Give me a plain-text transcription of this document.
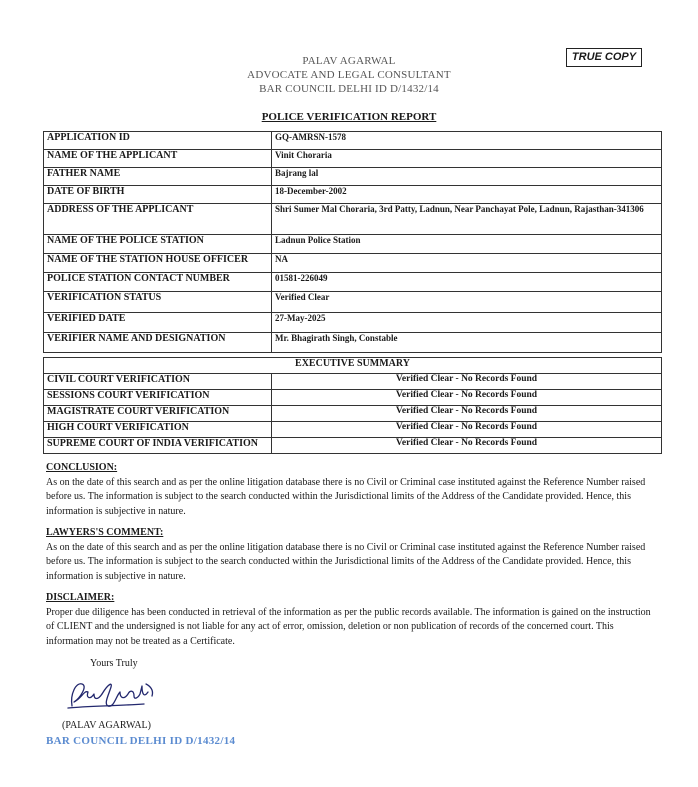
TRUE COPY
PALAV AGARWAL
ADVOCATE AND LEGAL CONSULTANT
BAR COUNCIL DELHI ID D/1432/14
POLICE VERIFICATION REPORT
APPLICATION ID	GQ-AMRSN-1578
NAME OF THE APPLICANT	Vinit Chorariа
FATHER NAME	Bajrang lal
DATE OF BIRTH	18-December-2002
ADDRESS OF THE APPLICANT	Shri Sumer Mal Choraria, 3rd Patty, Ladnun, Near Panchayat Pole, Ladnun, Rajasthan-341306
NAME OF THE POLICE STATION	Ladnun Police Station
NAME OF THE STATION HOUSE OFFICER	NA
POLICE STATION CONTACT NUMBER	01581-226049
VERIFICATION STATUS	Verified Clear
VERIFIED DATE	27-May-2025
VERIFIER NAME AND DESIGNATION	Mr. Bhagirath Singh, Constable
EXECUTIVE SUMMARY	
CIVIL COURT VERIFICATION	Verified Clear - No Records Found
SESSIONS COURT VERIFICATION	Verified Clear - No Records Found
MAGISTRATE COURT VERIFICATION	Verified Clear - No Records Found
HIGH COURT VERIFICATION	Verified Clear - No Records Found
SUPREME COURT OF INDIA VERIFICATION	Verified Clear - No Records Found
CONCLUSION:
As on the date of this search and as per the online litigation database there is no Civil or Criminal case instituted against the Reference Number raised before us. The information is subject to the search conducted within the Jurisdictional limits of the Address of the Candidate provided. Hence, this information is subjective in nature.
LAWYERS'S COMMENT:
As on the date of this search and as per the online litigation database there is no Civil or Criminal case instituted against the Reference Number raised before us. The information is subject to the search conducted within the Jurisdictional limits of the Address of the Candidate provided. Hence, this information is subjective in nature.
DISCLAIMER:
Proper due diligence has been conducted in retrieval of the information as per the public records available. The information is gained on the instruction of CLIENT and the undersigned is not liable for any act of error, omission, deletion or non publication of records of the concerned court. This information may not be treated as a Certificate.
Yours Truly
(PALAV AGARWAL)
BAR COUNCIL DELHI ID D/1432/14
